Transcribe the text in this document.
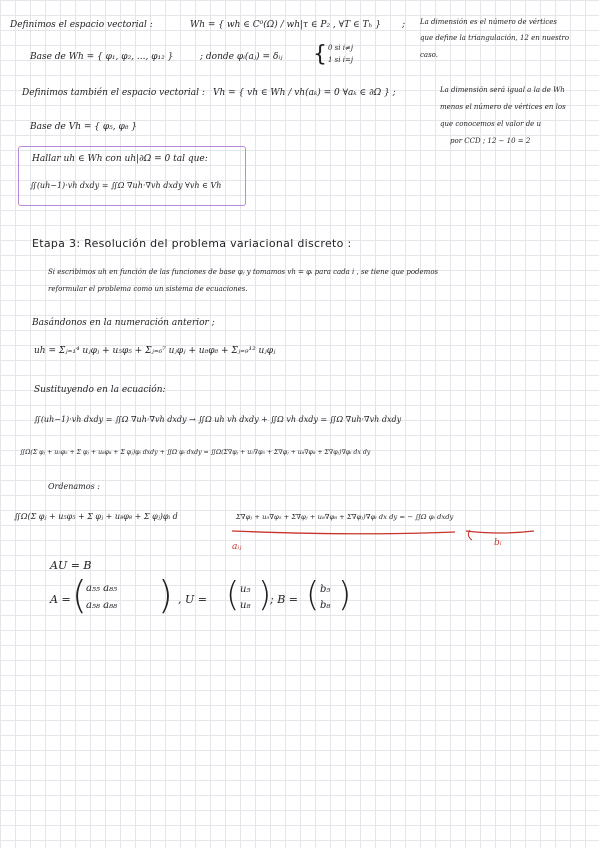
Definimos el espacio vectorial :	Wh = { wh ∈ C⁰(Ω) / wh|τ ∈ P₂ , ∀T ∈ Tₕ } ; La dimensión es el número de vértices
que define la triangulación, 12 en nuestro
caso.
Base de Wh = { φ₁, φ₂, ..., φ₁₂ }	; donde φᵢ(aⱼ) = δᵢⱼ { 0 si i≠j
1 si i=j
Definimos también el espacio vectorial : Vh = { vh ∈ Wh / vh(aₖ) = 0 ∀aₖ ∈ ∂Ω } ;	La dimensión será igual a la de Wh
menos el número de vértices en los
que conocemos el valor de u
por CCD ; 12 − 10 = 2
Base de Vh = { φ₅, φ₈ }
Hallar uh ∈ Wh con uh|∂Ω = 0 tal que:
∬(uh−1)·vh dxdy = ∬Ω ∇uh·∇vh dxdy ∀vh ∈ Vh
Etapa 3: Resolución del problema variacional discreto :
Si escribimos uh en función de las funciones de base φⱼ y tomamos vh = φᵢ para cada i , se tiene que podemos
reformular el problema como un sistema de ecuaciones.
Basándonos en la numeración anterior ;
uh = Σⱼ₌₁⁴ uⱼφⱼ + u₅φ₅ + Σⱼ₌₆⁷ uⱼφⱼ + u₈φ₈ + Σⱼ₌₉¹² uⱼφⱼ
Sustituyendo en la ecuación:
∬(uh−1)·vh dxdy = ∬Ω ∇uh·∇vh dxdy → ∬Ω uh vh dxdy + ∬Ω vh dxdy = ∬Ω ∇uh·∇vh dxdy
∬Ω(Σ φⱼ + u₅φ₅ + Σ φⱼ + u₈φ₈ + Σ φⱼ)φᵢ dxdy + ∬Ω φᵢ dxdy = ∬Ω(Σ∇φⱼ + u₅∇φ₅ + Σ∇φⱼ + u₈∇φ₈ + Σ∇φⱼ)∇φᵢ dx dy
Ordenamos :
∬Ω(Σ φⱼ + u₅φ₅ + Σ φⱼ + u₈φ₈ + Σ φⱼ)φᵢ d	Σ∇φⱼ + u₅∇φ₅ + Σ∇φⱼ + u₈∇φ₈ + Σ∇φⱼ)∇φᵢ dx dy = − ∬Ω φᵢ dxdy
aᵢⱼ	bᵢ
AU = B
A = ( a₅₅ a₈₅
a₅₈ a₈₈ ) , U = ( u₅
u₈ )
; B = ( b₅
b₈ )
